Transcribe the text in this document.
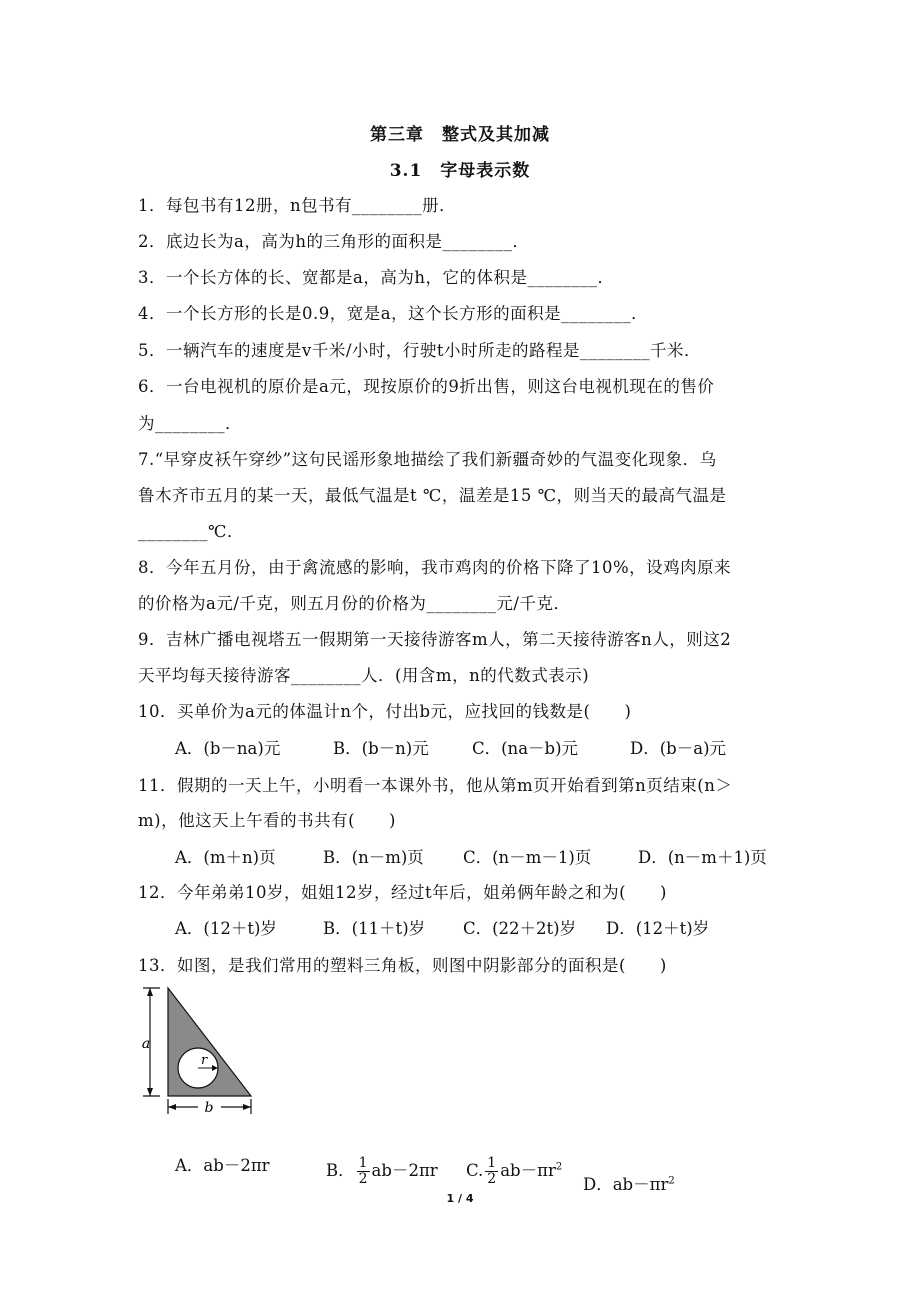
第三章　整式及其加减
3.1　字母表示数
1．每包书有12册，n包书有________册．
2．底边长为a，高为h的三角形的面积是________．
3．一个长方体的长、宽都是a，高为h，它的体积是________．
4．一个长方形的长是0.9，宽是a，这个长方形的面积是________．
5．一辆汽车的速度是v千米/小时，行驶t小时所走的路程是________千米．
6．一台电视机的原价是a元，现按原价的9折出售，则这台电视机现在的售价
为________．
7.“早穿皮袄午穿纱”这句民谣形象地描绘了我们新疆奇妙的气温变化现象．乌
鲁木齐市五月的某一天，最低气温是t ℃，温差是15 ℃，则当天的最高气温是
________℃．
8．今年五月份，由于禽流感的影响，我市鸡肉的价格下降了10%，设鸡肉原来
的价格为a元/千克，则五月份的价格为________元/千克．
9．吉林广播电视塔五一假期第一天接待游客m人，第二天接待游客n人，则这2
天平均每天接待游客________人．(用含m，n的代数式表示)
10．买单价为a元的体温计n个，付出b元，应找回的钱数是(　　)
A．(b－na)元	B．(b－n)元	C．(na－b)元	D．(b－a)元
11．假期的一天上午，小明看一本课外书，他从第m页开始看到第n页结束(n＞
m)，他这天上午看的书共有(　　)
A．(m＋n)页	B．(n－m)页 C．(n－m－1)页	D．(n－m＋1)页
12．今年弟弟10岁，姐姐12岁，经过t年后，姐弟俩年龄之和为(　　)
A．(12＋t)岁	B．(11＋t)岁 C．(22＋2t)岁 D．(12＋t)岁
13．如图，是我们常用的塑料三角板，则图中阴影部分的面积是(　　)
a
r
b
A．ab－2πr	B． $\frac{1}{2} ab-2\pi r$
	C. $\frac{1}{2} ab-\pi r^2$

D．$ab-\pi r^2$

1 / 4
